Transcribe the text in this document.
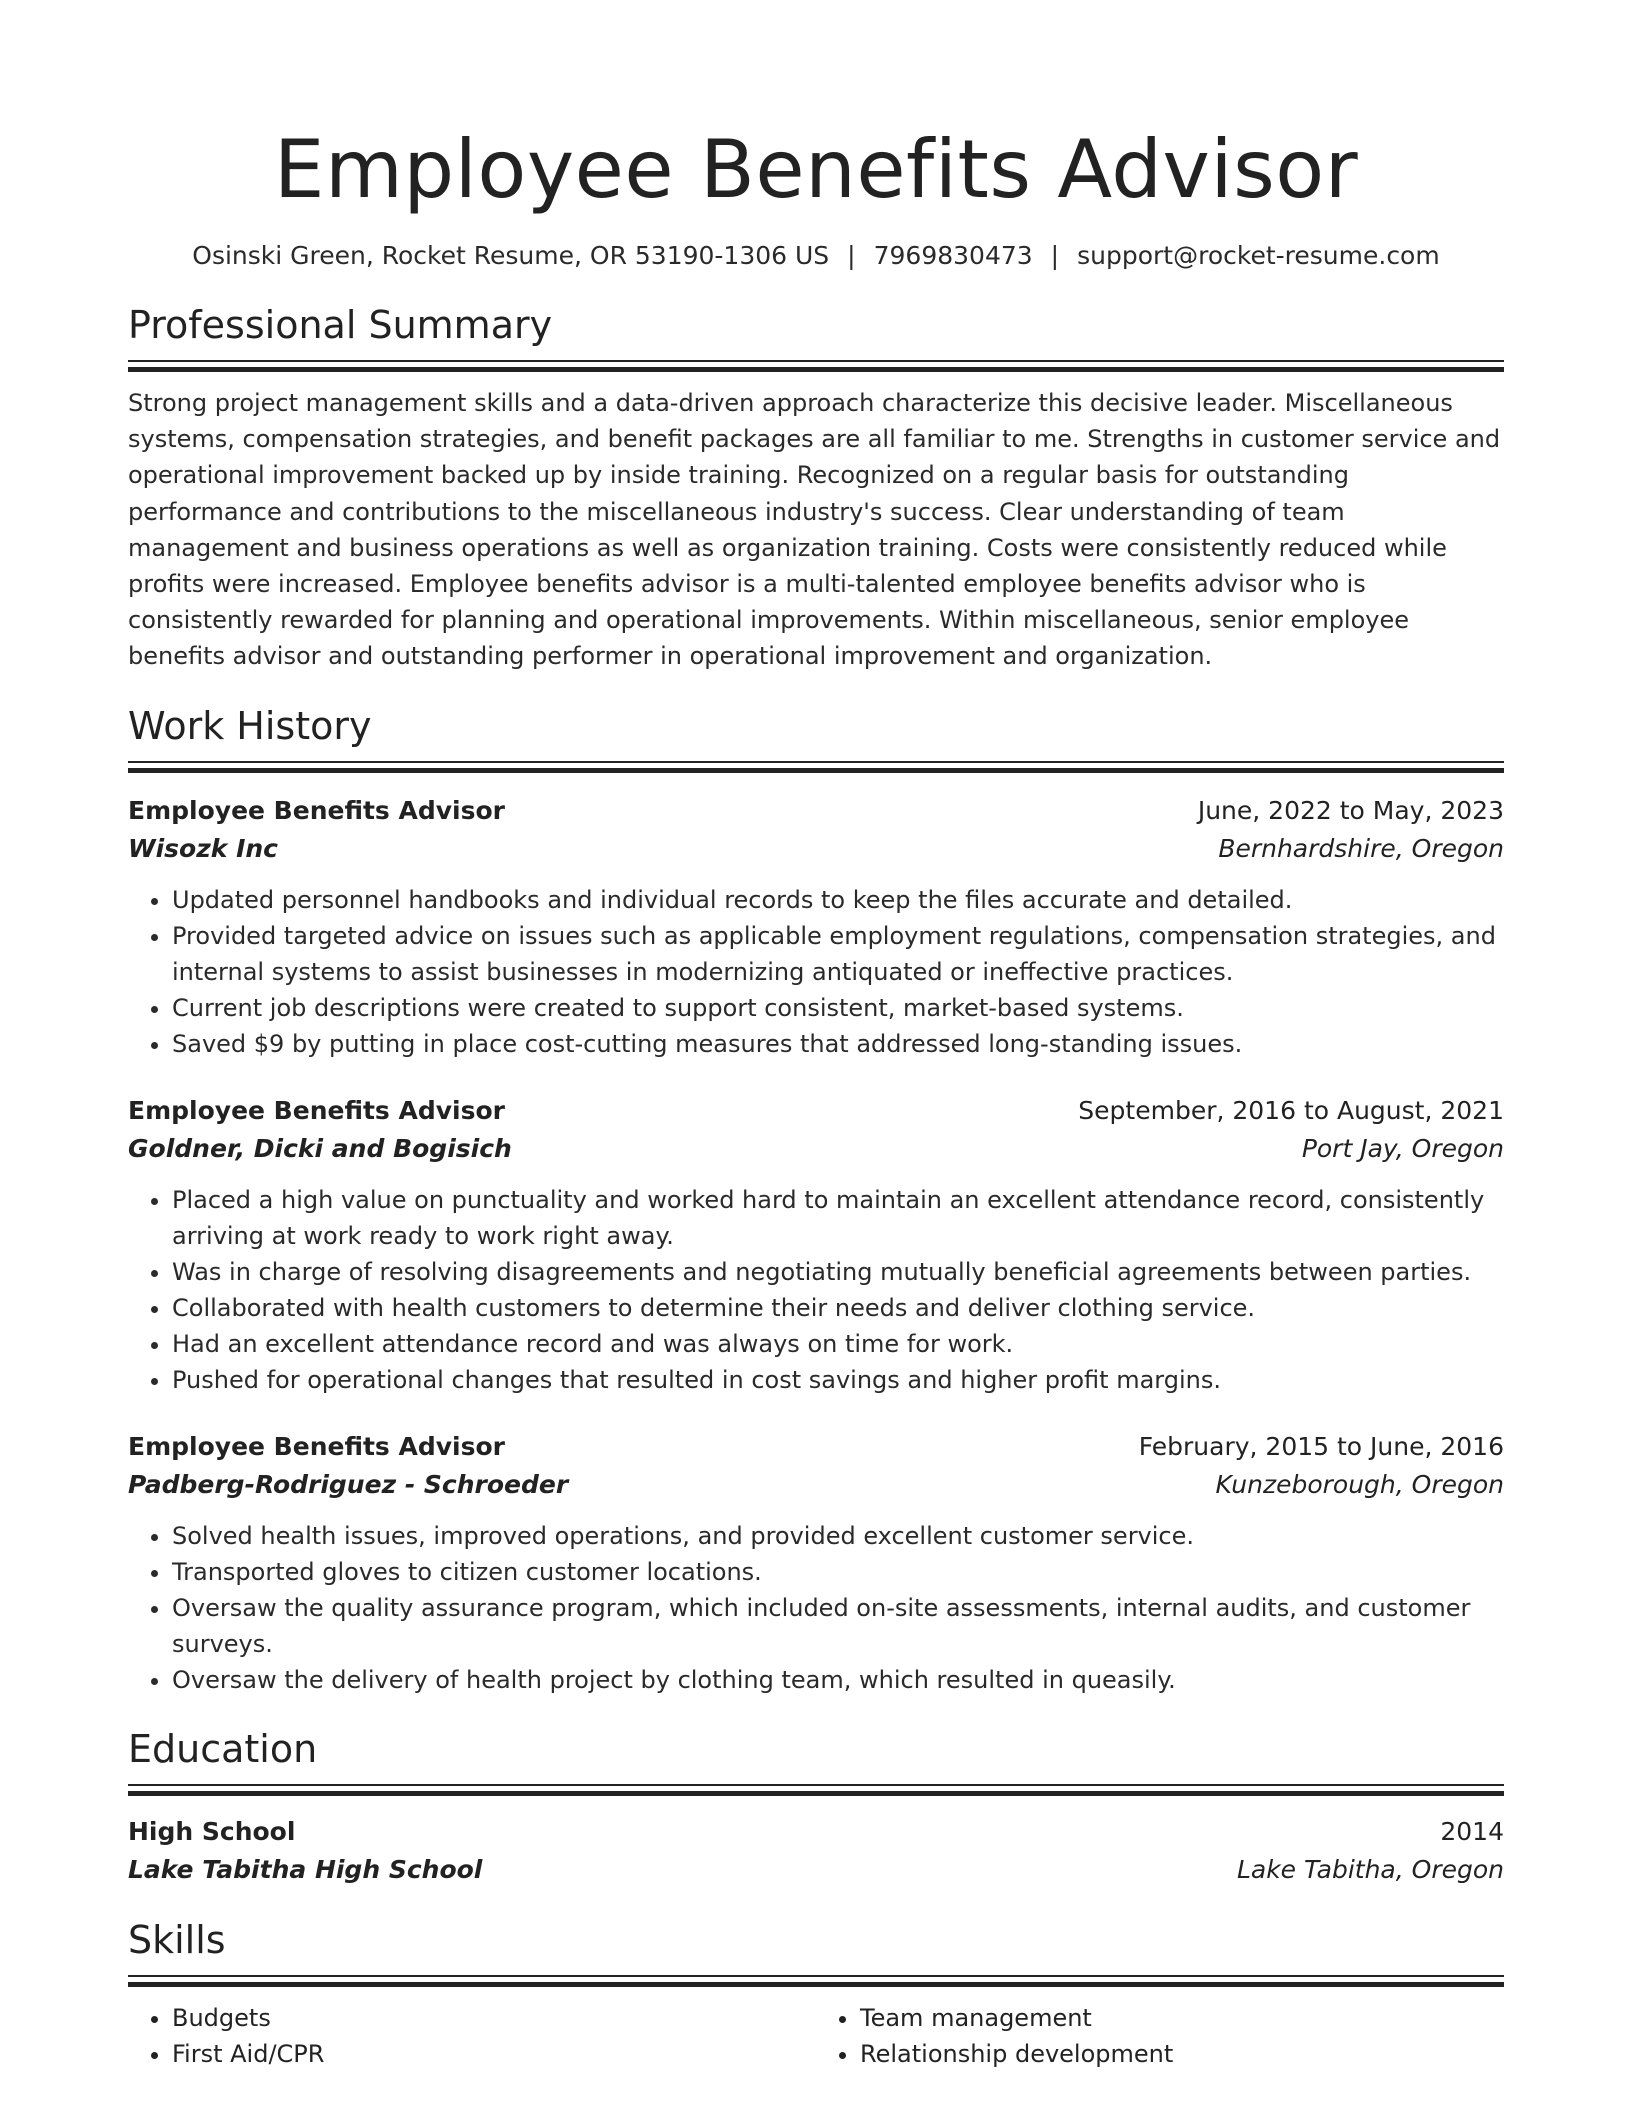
Employee Benefits Advisor
Osinski Green, Rocket Resume, OR 53190-1306 US | 7969830473 | support@rocket-resume.com
Professional Summary

Strong project management skills and a data-driven approach characterize this decisive leader. Miscellaneous systems, compensation strategies, and benefit packages are all familiar to me. Strengths in customer service and operational improvement backed up by inside training. Recognized on a regular basis for outstanding performance and contributions to the miscellaneous industry's success. Clear understanding of team management and business operations as well as organization training. Costs were consistently reduced while profits were increased. Employee benefits advisor is a multi-talented employee benefits advisor who is consistently rewarded for planning and operational improvements. Within miscellaneous, senior employee benefits advisor and outstanding performer in operational improvement and organization.

Work History
Employee Benefits Advisor	June, 2022 to May, 2023
Wisozk Inc	Bernhardshire, Oregon
• Updated personnel handbooks and individual records to keep the files accurate and detailed.
• Provided targeted advice on issues such as applicable employment regulations, compensation strategies, and internal systems to assist businesses in modernizing antiquated or ineffective practices.
• Current job descriptions were created to support consistent, market-based systems.
• Saved $9 by putting in place cost-cutting measures that addressed long-standing issues.
Employee Benefits Advisor	September, 2016 to August, 2021
Goldner, Dicki and Bogisich	Port Jay, Oregon
• Placed a high value on punctuality and worked hard to maintain an excellent attendance record, consistently arriving at work ready to work right away.
• Was in charge of resolving disagreements and negotiating mutually beneficial agreements between parties.
• Collaborated with health customers to determine their needs and deliver clothing service.
• Had an excellent attendance record and was always on time for work.
• Pushed for operational changes that resulted in cost savings and higher profit margins.
Employee Benefits Advisor	February, 2015 to June, 2016
Padberg-Rodriguez - Schroeder	Kunzeborough, Oregon
• Solved health issues, improved operations, and provided excellent customer service.
• Transported gloves to citizen customer locations.
• Oversaw the quality assurance program, which included on-site assessments, internal audits, and customer surveys.
• Oversaw the delivery of health project by clothing team, which resulted in queasily.
Education
High School	2014
Lake Tabitha High School	Lake Tabitha, Oregon
Skills
• Budgets
• First Aid/CPR
• Team management
• Relationship development
